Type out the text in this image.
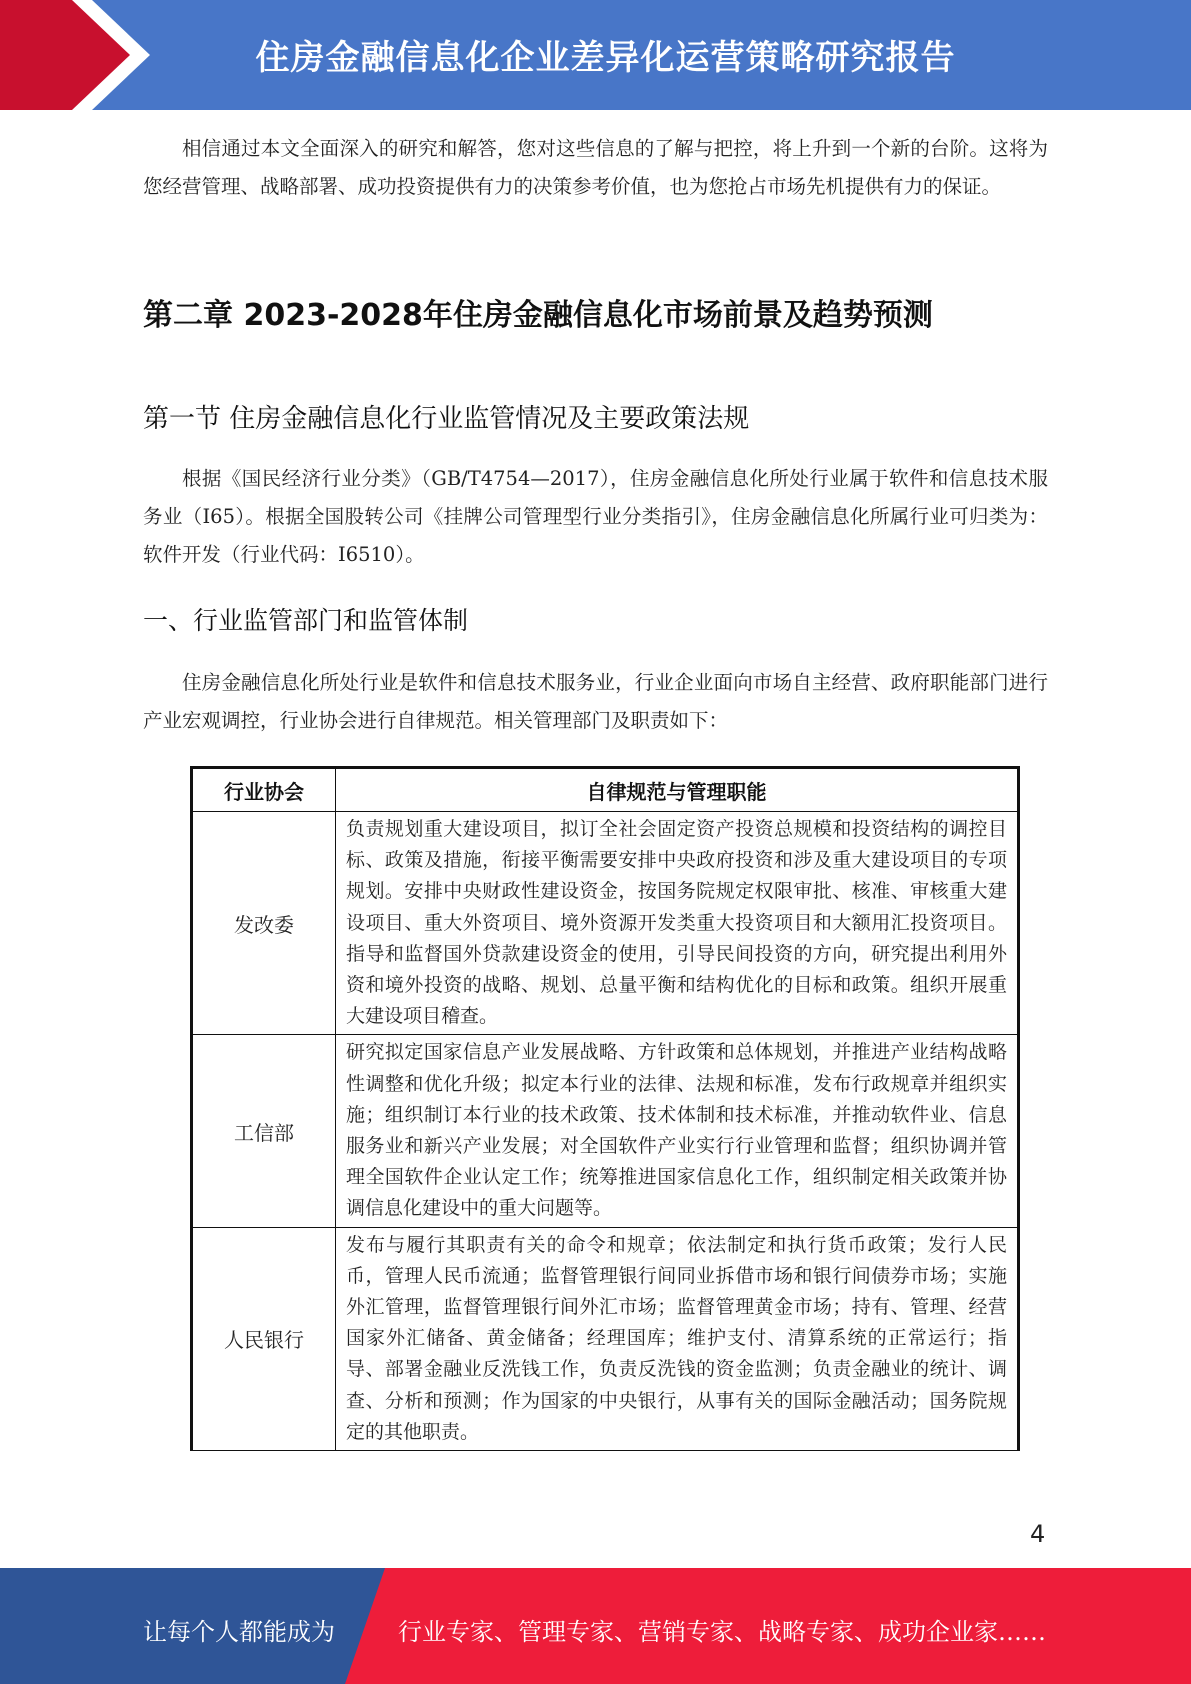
住房金融信息化企业差异化运营策略研究报告

相信通过本文全面深入的研究和解答，您对这些信息的了解与把控，将上升到一个新的台阶。这将为您经营管理、战略部署、成功投资提供有力的决策参考价值，也为您抢占市场先机提供有力的保证。

第二章 2023-2028年住房金融信息化市场前景及趋势预测
第一节 住房金融信息化行业监管情况及主要政策法规

根据《国民经济行业分类》（GB/T4754—2017），住房金融信息化所处行业属于软件和信息技术服务业（I65）。根据全国股转公司《挂牌公司管理型行业分类指引》，住房金融信息化所属行业可归类为：软件开发（行业代码：I6510）。

一、行业监管部门和监管体制

住房金融信息化所处行业是软件和信息技术服务业，行业企业面向市场自主经营、政府职能部门进行产业宏观调控，行业协会进行自律规范。相关管理部门及职责如下：

行业协会	自律规范与管理职能
发改委	负责规划重大建设项目，拟订全社会固定资产投资总规模和投资结构的调控目标、政策及措施，衔接平衡需要安排中央政府投资和涉及重大建设项目的专项规划。安排中央财政性建设资金，按国务院规定权限审批、核准、审核重大建设项目、重大外资项目、境外资源开发类重大投资项目和大额用汇投资项目。指导和监督国外贷款建设资金的使用，引导民间投资的方向，研究提出利用外资和境外投资的战略、规划、总量平衡和结构优化的目标和政策。组织开展重大建设项目稽查。
工信部	研究拟定国家信息产业发展战略、方针政策和总体规划，并推进产业结构战略性调整和优化升级；拟定本行业的法律、法规和标准，发布行政规章并组织实施；组织制订本行业的技术政策、技术体制和技术标准，并推动软件业、信息服务业和新兴产业发展；对全国软件产业实行行业管理和监督；组织协调并管理全国软件企业认定工作；统筹推进国家信息化工作，组织制定相关政策并协调信息化建设中的重大问题等。
人民银行	发布与履行其职责有关的命令和规章；依法制定和执行货币政策；发行人民币，管理人民币流通；监督管理银行间同业拆借市场和银行间债券市场；实施外汇管理，监督管理银行间外汇市场；监督管理黄金市场；持有、管理、经营国家外汇储备、黄金储备；经理国库；维护支付、清算系统的正常运行；指导、部署金融业反洗钱工作，负责反洗钱的资金监测；负责金融业的统计、调查、分析和预测；作为国家的中央银行，从事有关的国际金融活动；国务院规定的其他职责。
4
让每个人都能成为	行业专家、管理专家、营销专家、战略专家、成功企业家……
